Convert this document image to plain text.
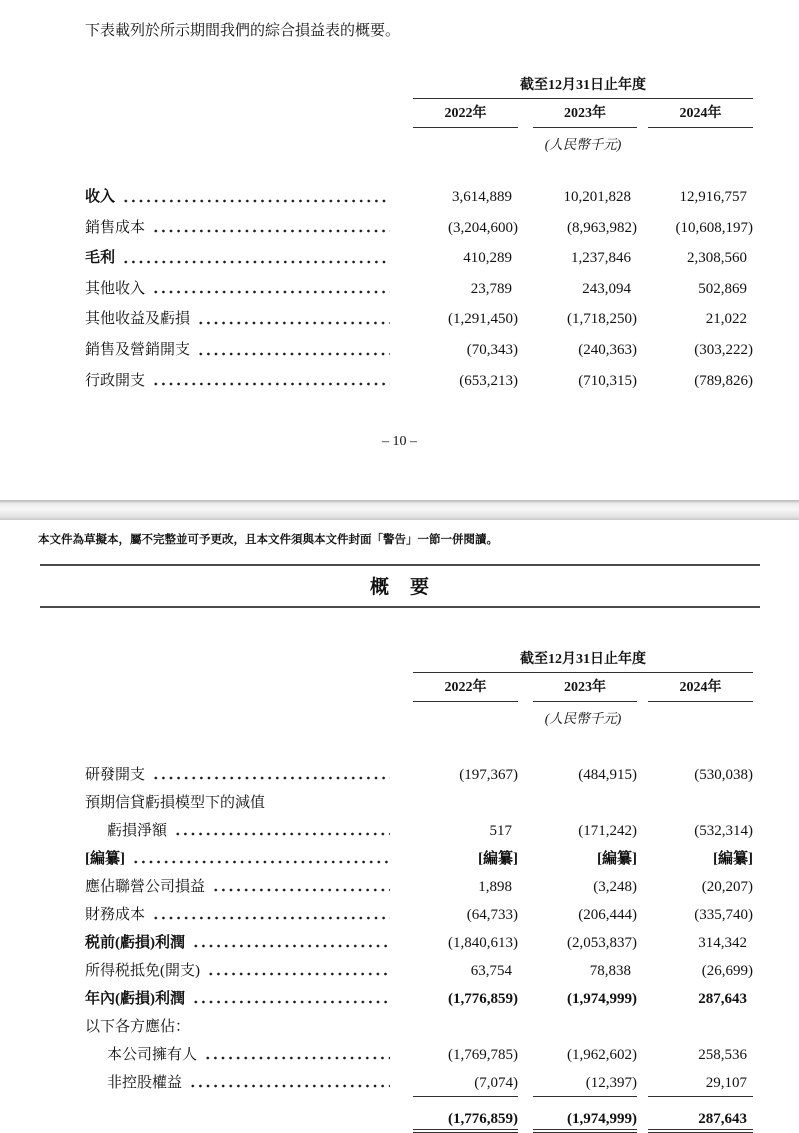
下表載列於所示期間我們的綜合損益表的概要。

截至12月31日止年度
2022年	2023年	2024年
(人民幣千元)
收入	3,614,889	10,201,828	12,916,757
銷售成本	(3,204,600)	(8,963,982)	(10,608,197)
毛利	410,289	1,237,846	2,308,560
其他收入	23,789	243,094	502,869
其他收益及虧損	(1,291,450)	(1,718,250)	21,022
銷售及營銷開支	(70,343)	(240,363)	(303,222)
行政開支	(653,213)	(710,315)	(789,826)
– 10 –

本文件為草擬本，屬不完整並可予更改，且本文件須與本文件封面「警告」一節一併閱讀。

概　要
截至12月31日止年度
2022年	2023年	2024年
(人民幣千元)
研發開支	(197,367)	(484,915)	(530,038)
預期信貸虧損模型下的減值
虧損淨額	517	(171,242)	(532,314)
[編纂]	[編纂]	[編纂]	[編纂]
應佔聯營公司損益	1,898	(3,248)	(20,207)
財務成本	(64,733)	(206,444)	(335,740)
税前(虧損)利潤	(1,840,613)	(2,053,837)	314,342
所得税抵免(開支)	63,754	78,838	(26,699)
年內(虧損)利潤	(1,776,859)	(1,974,999)	287,643
以下各方應佔：
本公司擁有人	(1,769,785)	(1,962,602)	258,536
非控股權益	(7,074)	(12,397)	29,107
(1,776,859)	(1,974,999)	287,643
